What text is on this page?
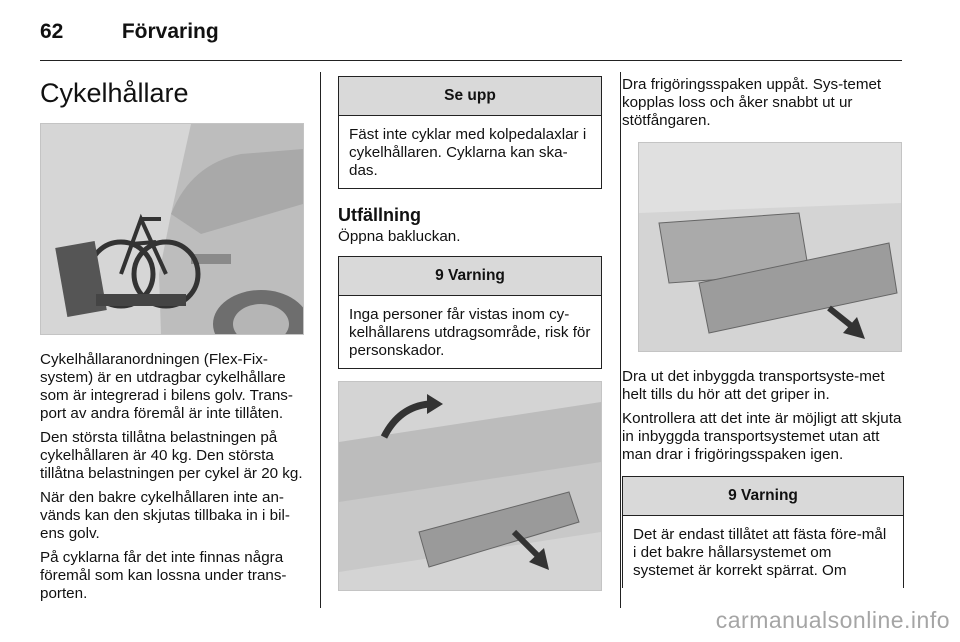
62	Förvaring
Cykelhållare

Cykelhållaranordningen (Flex-Fix-system) är en utdragbar cykelhållare som är integrerad i bilens golv. Trans-port av andra föremål är inte tillåten.

Den största tillåtna belastningen på cykelhållaren är 40 kg. Den största tillåtna belastningen per cykel är 20 kg.

När den bakre cykelhållaren inte an-vänds kan den skjutas tillbaka in i bil-ens golv.

På cyklarna får det inte finnas några föremål som kan lossna under trans-porten.

Se upp
Fäst inte cyklar med kolpedalaxlar i cykelhållaren. Cyklarna kan ska-das.
Utfällning

Öppna bakluckan.

9 Varning
Inga personer får vistas inom cy-kelhållarens utdragsområde, risk för personskador.

Dra frigöringsspaken uppåt. Sys-temet kopplas loss och åker snabbt ut ur stötfångaren.

Dra ut det inbyggda transportsyste-met helt tills du hör att det griper in.

Kontrollera att det inte är möjligt att skjuta in inbyggda transportsystemet utan att man drar i frigöringsspaken igen.

9 Varning
Det är endast tillåtet att fästa före-mål i det bakre hållarsystemet om systemet är korrekt spärrat. Om
carmanualsonline.info
